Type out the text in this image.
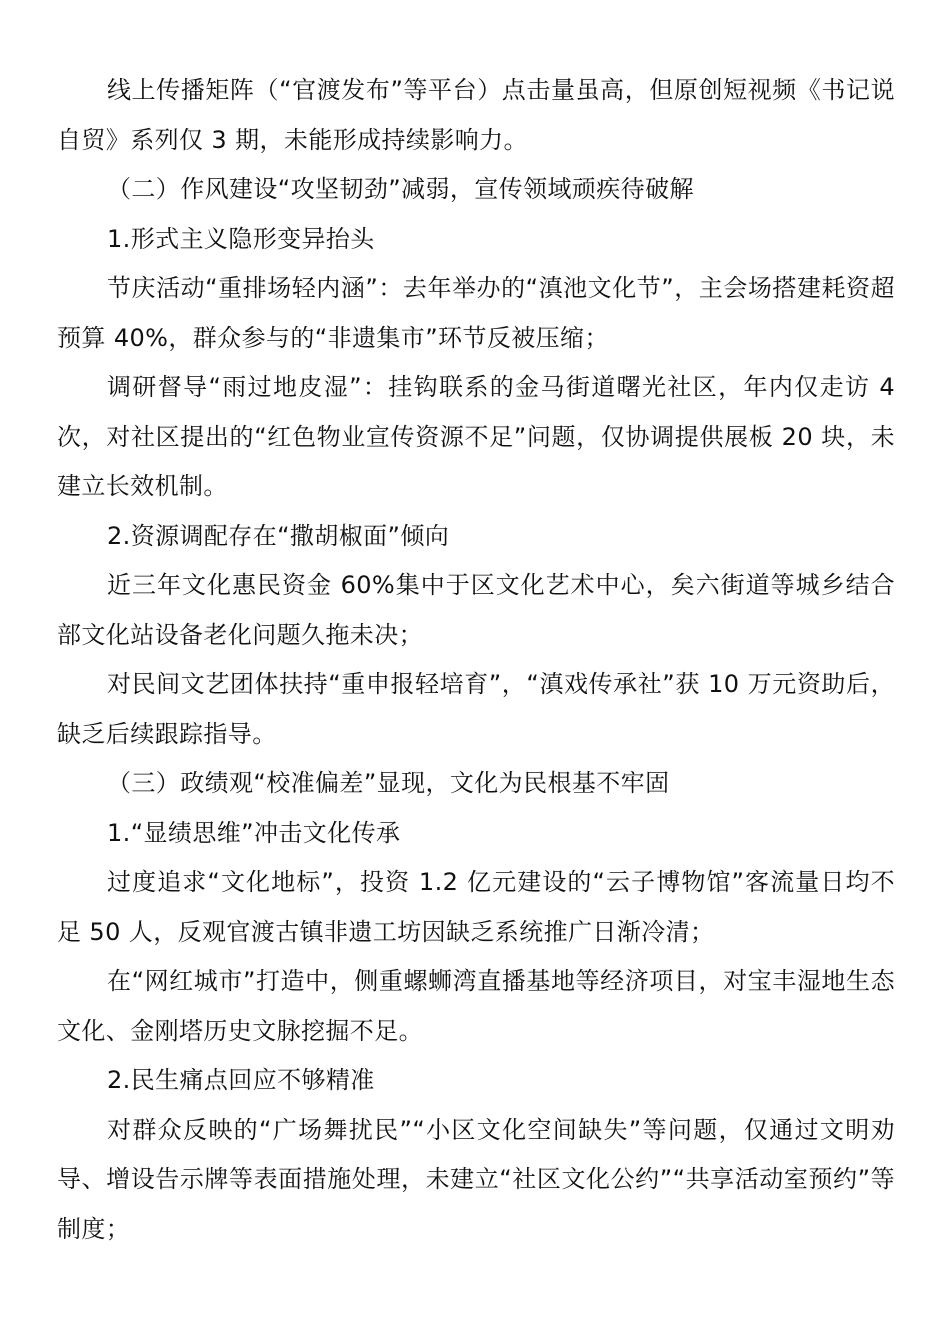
线上传播矩阵（“官渡发布”等平台）点击量虽高，但原创短视频《书记说自贸》系列仅 3 期，未能形成持续影响力。

（二）作风建设“攻坚韧劲”减弱，宣传领域顽疾待破解

1.形式主义隐形变异抬头

节庆活动“重排场轻内涵”：去年举办的“滇池文化节”，主会场搭建耗资超预算 40%，群众参与的“非遗集市”环节反被压缩；

调研督导“雨过地皮湿”：挂钩联系的金马街道曙光社区，年内仅走访 4 次，对社区提出的“红色物业宣传资源不足”问题，仅协调提供展板 20 块，未建立长效机制。

2.资源调配存在“撒胡椒面”倾向

近三年文化惠民资金 60%集中于区文化艺术中心，矣六街道等城乡结合部文化站设备老化问题久拖未决；

对民间文艺团体扶持“重申报轻培育”，“滇戏传承社”获 10 万元资助后，缺乏后续跟踪指导。

（三）政绩观“校准偏差”显现，文化为民根基不牢固

1.“显绩思维”冲击文化传承

过度追求“文化地标”，投资 1.2 亿元建设的“云子博物馆”客流量日均不足 50 人，反观官渡古镇非遗工坊因缺乏系统推广日渐冷清；

在“网红城市”打造中，侧重螺蛳湾直播基地等经济项目，对宝丰湿地生态文化、金刚塔历史文脉挖掘不足。

2.民生痛点回应不够精准

对群众反映的“广场舞扰民”“小区文化空间缺失”等问题，仅通过文明劝导、增设告示牌等表面措施处理，未建立“社区文化公约”“共享活动室预约”等制度；
